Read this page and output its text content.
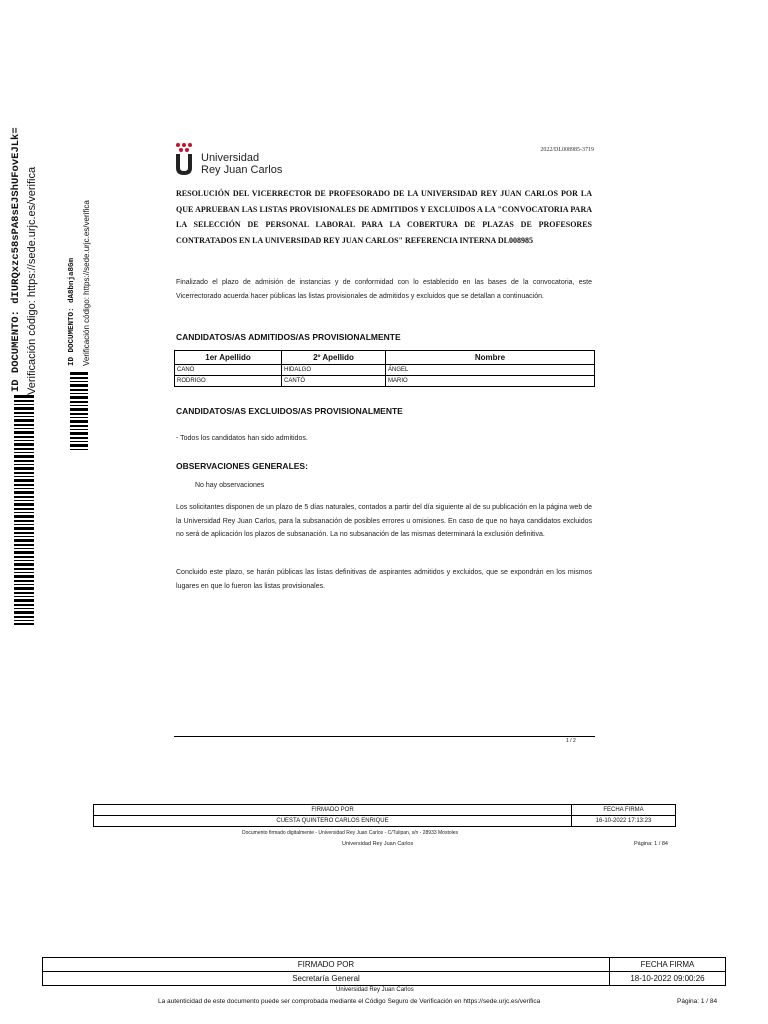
ID DOCUMENTO: dIURQxzc58sPA8sEJShUFovEJLk= Verificación código: https://sede.urjc.es/verifica	ID DOCUMENTO: dA8bnja8Gm Verificación código: https://sede.urjc.es/verifica
Universidad
Rey Juan Carlos
2022/DL008985-3719
RESOLUCIÓN DEL VICERRECTOR DE PROFESORADO DE LA UNIVERSIDAD REY JUAN CARLOS POR LA QUE APRUEBAN LAS LISTAS PROVISIONALES DE ADMITIDOS Y EXCLUIDOS A LA "CONVOCATORIA PARA LA SELECCIÓN DE PERSONAL LABORAL PARA LA COBERTURA DE PLAZAS DE PROFESORES CONTRATADOS EN LA UNIVERSIDAD REY JUAN CARLOS" REFERENCIA INTERNA DL008985
Finalizado el plazo de admisión de instancias y de conformidad con lo establecido en las bases de la convocatoria, este Vicerrectorado acuerda hacer públicas las listas provisionales de admitidos y excluidos que se detallan a continuación.
CANDIDATOS/AS ADMITIDOS/AS PROVISIONALMENTE
1er Apellido	2º Apellido	Nombre
CANO	HIDALGO	ÁNGEL
RODRIGO	CANTÓ	MARIO
CANDIDATOS/AS EXCLUIDOS/AS PROVISIONALMENTE
- Todos los candidatos han sido admitidos.
OBSERVACIONES GENERALES:
No hay observaciones
Los solicitantes disponen de un plazo de 5 días naturales, contados a partir del día siguiente al de su publicación en la página web de la Universidad Rey Juan Carlos, para la subsanación de posibles errores u omisiones. En caso de que no haya candidatos excluidos no será de aplicación los plazos de subsanación. La no subsanación de las mismas determinará la exclusión definitiva.
Concluido este plazo, se harán públicas las listas definitivas de aspirantes admitidos y excluidos, que se expondrán en los mismos lugares en que lo fueron las listas provisionales.
1 / 2
FIRMADO POR	FECHA FIRMA
CUESTA QUINTERO CARLOS ENRIQUE	16-10-2022 17:13:23
Documento firmado digitalmente - Universidad Rey Juan Carlos - C/Tulipan, s/n - 28933 Mostoles
Universidad Rey Juan Carlos	Página: 1 / 84
FIRMADO POR	FECHA FIRMA
Secretaría General	18-10-2022 09:00:26
Universidad Rey Juan Carlos
La autenticidad de este documento puede ser comprobada mediante el Código Seguro de Verificación en https://sede.urjc.es/verifica	Página: 1 / 84
